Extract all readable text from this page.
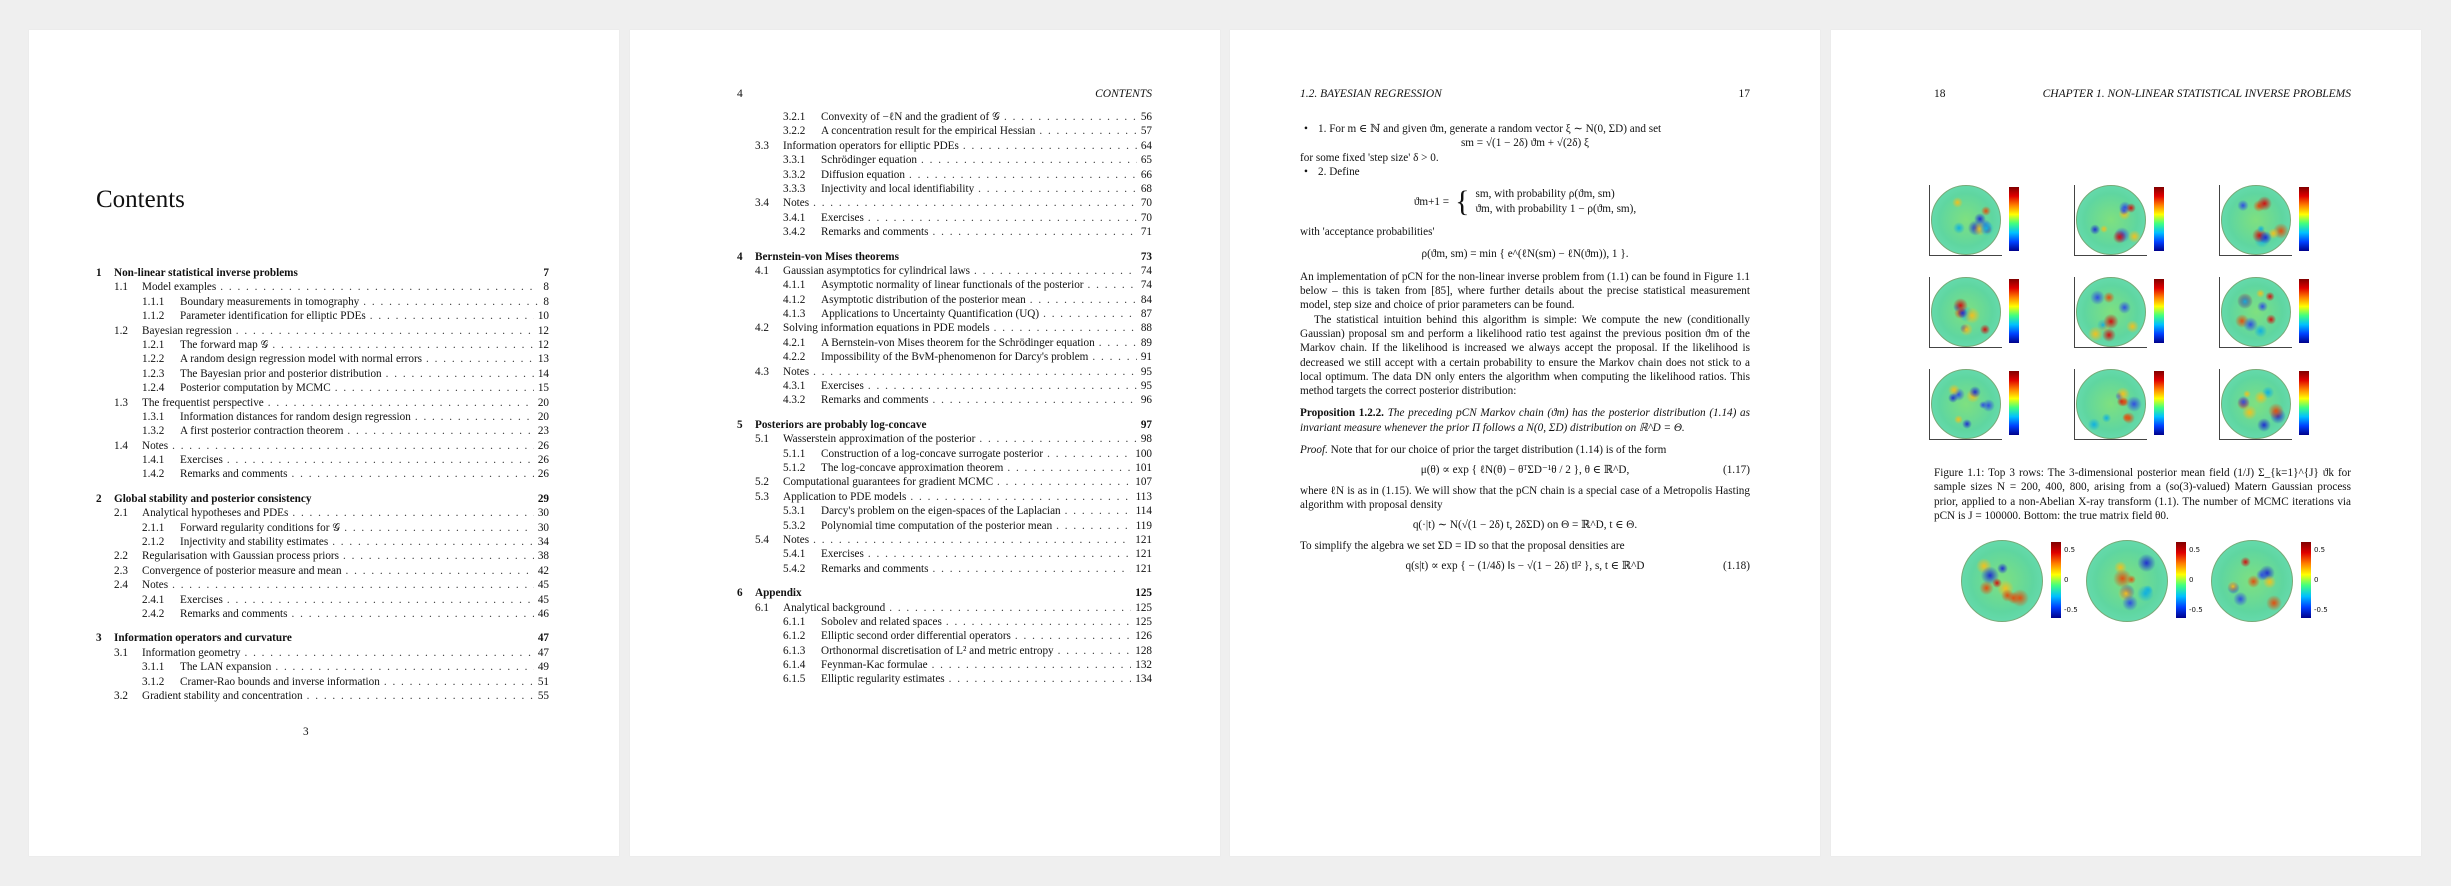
Contents
1	Non-linear statistical inverse problems	7
1.1	Model examples . . .	8
1.1.1	Boundary measurements in tomography . . .	8
1.1.2	Parameter identification for elliptic PDEs . . .	10
1.2	Bayesian regression . . .	12
1.2.1	The forward map 𝒢 . . .	12
1.2.2	A random design regression model with normal errors . . .	13
1.2.3	The Bayesian prior and posterior distribution . . .	14
1.2.4	Posterior computation by MCMC . . .	15
1.3	The frequentist perspective . . .	20
1.3.1	Information distances for random design regression . . .	20
1.3.2	A first posterior contraction theorem . . .	23
1.4	Notes . . .	26
1.4.1	Exercises . . .	26
1.4.2	Remarks and comments . . .	26
2	Global stability and posterior consistency	29
2.1	Analytical hypotheses and PDEs . . .	30
2.1.1	Forward regularity conditions for 𝒢 . . .	30
2.1.2	Injectivity and stability estimates . . .	34
2.2	Regularisation with Gaussian process priors . . .	38
2.3	Convergence of posterior measure and mean . . .	42
2.4	Notes . . .	45
2.4.1	Exercises . . .	45
2.4.2	Remarks and comments . . .	46
3	Information operators and curvature	47
3.1	Information geometry . . .	47
3.1.1	The LAN expansion . . .	49
3.1.2	Cramer-Rao bounds and inverse information . . .	51
3.2	Gradient stability and concentration . . .	55
3
4	CONTENTS
3.2.1	Convexity of −ℓN and the gradient of 𝒢 . . .	56
3.2.2	A concentration result for the empirical Hessian . . .	57
3.3	Information operators for elliptic PDEs . . .	64
3.3.1	Schrödinger equation . . .	65
3.3.2	Diffusion equation . . .	66
3.3.3	Injectivity and local identifiability . . .	68
3.4	Notes . . .	70
3.4.1	Exercises . . .	70
3.4.2	Remarks and comments . . .	71
4	Bernstein-von Mises theorems	73
4.1	Gaussian asymptotics for cylindrical laws . . .	74
4.1.1	Asymptotic normality of linear functionals of the posterior . . .	74
4.1.2	Asymptotic distribution of the posterior mean . . .	84
4.1.3	Applications to Uncertainty Quantification (UQ) . . .	87
4.2	Solving information equations in PDE models . . .	88
4.2.1	A Bernstein-von Mises theorem for the Schrödinger equation . . .	89
4.2.2	Impossibility of the BvM-phenomenon for Darcy's problem . . .	91
4.3	Notes . . .	95
4.3.1	Exercises . . .	95
4.3.2	Remarks and comments . . .	96
5	Posteriors are probably log-concave	97
5.1	Wasserstein approximation of the posterior . . .	98
5.1.1	Construction of a log-concave surrogate posterior . . .	100
5.1.2	The log-concave approximation theorem . . .	101
5.2	Computational guarantees for gradient MCMC . . .	107
5.3	Application to PDE models . . .	113
5.3.1	Darcy's problem on the eigen-spaces of the Laplacian . . .	114
5.3.2	Polynomial time computation of the posterior mean . . .	119
5.4	Notes . . .	121
5.4.1	Exercises . . .	121
5.4.2	Remarks and comments . . .	121
6	Appendix	125
6.1	Analytical background . . .	125
6.1.1	Sobolev and related spaces . . .	125
6.1.2	Elliptic second order differential operators . . .	126
6.1.3	Orthonormal discretisation of L² and metric entropy . . .	128
6.1.4	Feynman-Kac formulae . . .	132
6.1.5	Elliptic regularity estimates . . .	134
1.2. BAYESIAN REGRESSION	17

• 1. For m ∈ ℕ and given ϑm, generate a random vector ξ ∼ N(0, ΣD) and set

sm = √(1 − 2δ) ϑm + √(2δ) ξ

for some fixed 'step size' δ > 0.

• 2. Define

ϑm+1 = { sm, with probability ρ(ϑm, sm)
ϑm, with probability 1 − ρ(ϑm, sm),

with 'acceptance probabilities'

ρ(ϑm, sm) = min { e^(ℓN(sm) − ℓN(ϑm)), 1 }.

An implementation of pCN for the non-linear inverse problem from (1.1) can be found in Figure 1.1 below – this is taken from [85], where further details about the precise statistical measurement model, step size and choice of prior parameters can be found.

The statistical intuition behind this algorithm is simple: We compute the new (conditionally Gaussian) proposal sm and perform a likelihood ratio test against the previous position ϑm of the Markov chain. If the likelihood is increased we always accept the proposal. If the likelihood is decreased we still accept with a certain probability to ensure the Markov chain does not stick to a local optimum. The data DN only enters the algorithm when computing the likelihood ratios. This method targets the correct posterior distribution:

Proposition 1.2.2. The preceding pCN Markov chain (ϑm) has the posterior distribution (1.14) as invariant measure whenever the prior Π follows a N(0, ΣD) distribution on ℝ^D = Θ.

Proof. Note that for our choice of prior the target distribution (1.14) is of the form

μ(θ) ∝ exp { ℓN(θ) − θᵀΣD⁻¹θ / 2 }, θ ∈ ℝ^D,	(1.17)

where ℓN is as in (1.15). We will show that the pCN chain is a special case of a Metropolis Hasting algorithm with proposal density

q(·|t) ∼ N(√(1 − 2δ) t, 2δΣD) on Θ = ℝ^D, t ∈ Θ.

To simplify the algebra we set ΣD = ID so that the proposal densities are

q(s|t) ∝ exp { − (1/4δ) ‖s − √(1 − 2δ) t‖² }, s, t ∈ ℝ^D	(1.18)
18	CHAPTER 1. NON-LINEAR STATISTICAL INVERSE PROBLEMS
Figure 1.1: Top 3 rows: The 3-dimensional posterior mean field (1/J) Σ_{k=1}^{J} ϑk for sample sizes N = 200, 400, 800, arising from a (so(3)-valued) Matern Gaussian process prior, applied to a non-Abelian X-ray transform (1.1). The number of MCMC iterations via pCN is J = 100000. Bottom: the true matrix field θ0.
0.5
0
-0.5
0.5
0
-0.5
0.5
0
-0.5
